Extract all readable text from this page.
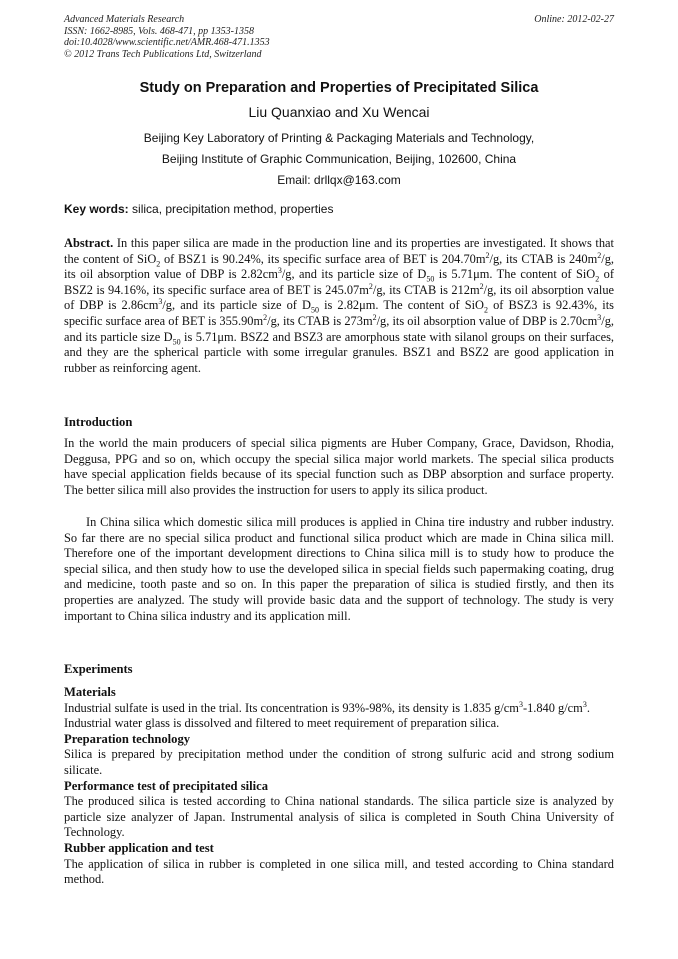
Advanced Materials Research
ISSN: 1662-8985, Vols. 468-471, pp 1353-1358
doi:10.4028/www.scientific.net/AMR.468-471.1353
© 2012 Trans Tech Publications Ltd, Switzerland
Online: 2012-02-27
Study on Preparation and Properties of Precipitated Silica
Liu Quanxiao and Xu Wencai
Beijing Key Laboratory of Printing & Packaging Materials and Technology,
Beijing Institute of Graphic Communication, Beijing, 102600, China
Email: drllqx@163.com
Key words: silica, precipitation method, properties
Abstract. In this paper silica are made in the production line and its properties are investigated. It shows that the content of SiO$_2$ of BSZ1 is 90.24%, its specific surface area of BET is $204.70m^2/g$, its CTAB is $240m^2/g$, its oil absorption value of DBP is $2.82cm^3/g$, and its particle size of $D_{50}$ is 5.71μm. The content of SiO$_2$ of BSZ2 is 94.16%, its specific surface area of BET is $245.07m^2/g$, its CTAB is $212m^2/g$, its oil absorption value of DBP is $2.86cm^3/g$, and its particle size of $D_{50}$ is 2.82μm. The content of SiO$_2$ of BSZ3 is 92.43%, its specific surface area of BET is $355.90m^2/g$, its CTAB is $273m^2/g$, its oil absorption value of DBP is $2.70cm^3/g$, and its particle size $D_{50}$ is 5.71μm. BSZ2 and BSZ3 are amorphous state with silanol groups on their surfaces, and they are the spherical particle with some irregular granules. BSZ1 and BSZ2 are good application in rubber as reinforcing agent.
Introduction

In the world the main producers of special silica pigments are Huber Company, Grace, Davidson, Rhodia, Deggusa, PPG and so on, which occupy the special silica major world markets. The special silica products have special application fields because of its special function such as DBP absorption and surface property. The better silica mill also provides the instruction for users to apply its silica product.

In China silica which domestic silica mill produces is applied in China tire industry and rubber industry. So far there are no special silica product and functional silica product which are made in China silica mill. Therefore one of the important development directions to China silica mill is to study how to produce the special silica, and then study how to use the developed silica in special fields such papermaking coating, drug and medicine, tooth paste and so on. In this paper the preparation of silica is studied firstly, and then its properties are analyzed. The study will provide basic data and the support of technology. The study is very important to China silica industry and its application mill.

Experiments
Materials

Industrial sulfate is used in the trial. Its concentration is 93%-98%, its density is 1.835 $g/cm^3-1.840$ $g/cm^3$.

Industrial water glass is dissolved and filtered to meet requirement of preparation silica.

Preparation technology

Silica is prepared by precipitation method under the condition of strong sulfuric acid and strong sodium silicate.

Performance test of precipitated silica

The produced silica is tested according to China national standards. The silica particle size is analyzed by particle size analyzer of Japan. Instrumental analysis of silica is completed in South China University of Technology.

Rubber application and test

The application of silica in rubber is completed in one silica mill, and tested according to China standard method.
